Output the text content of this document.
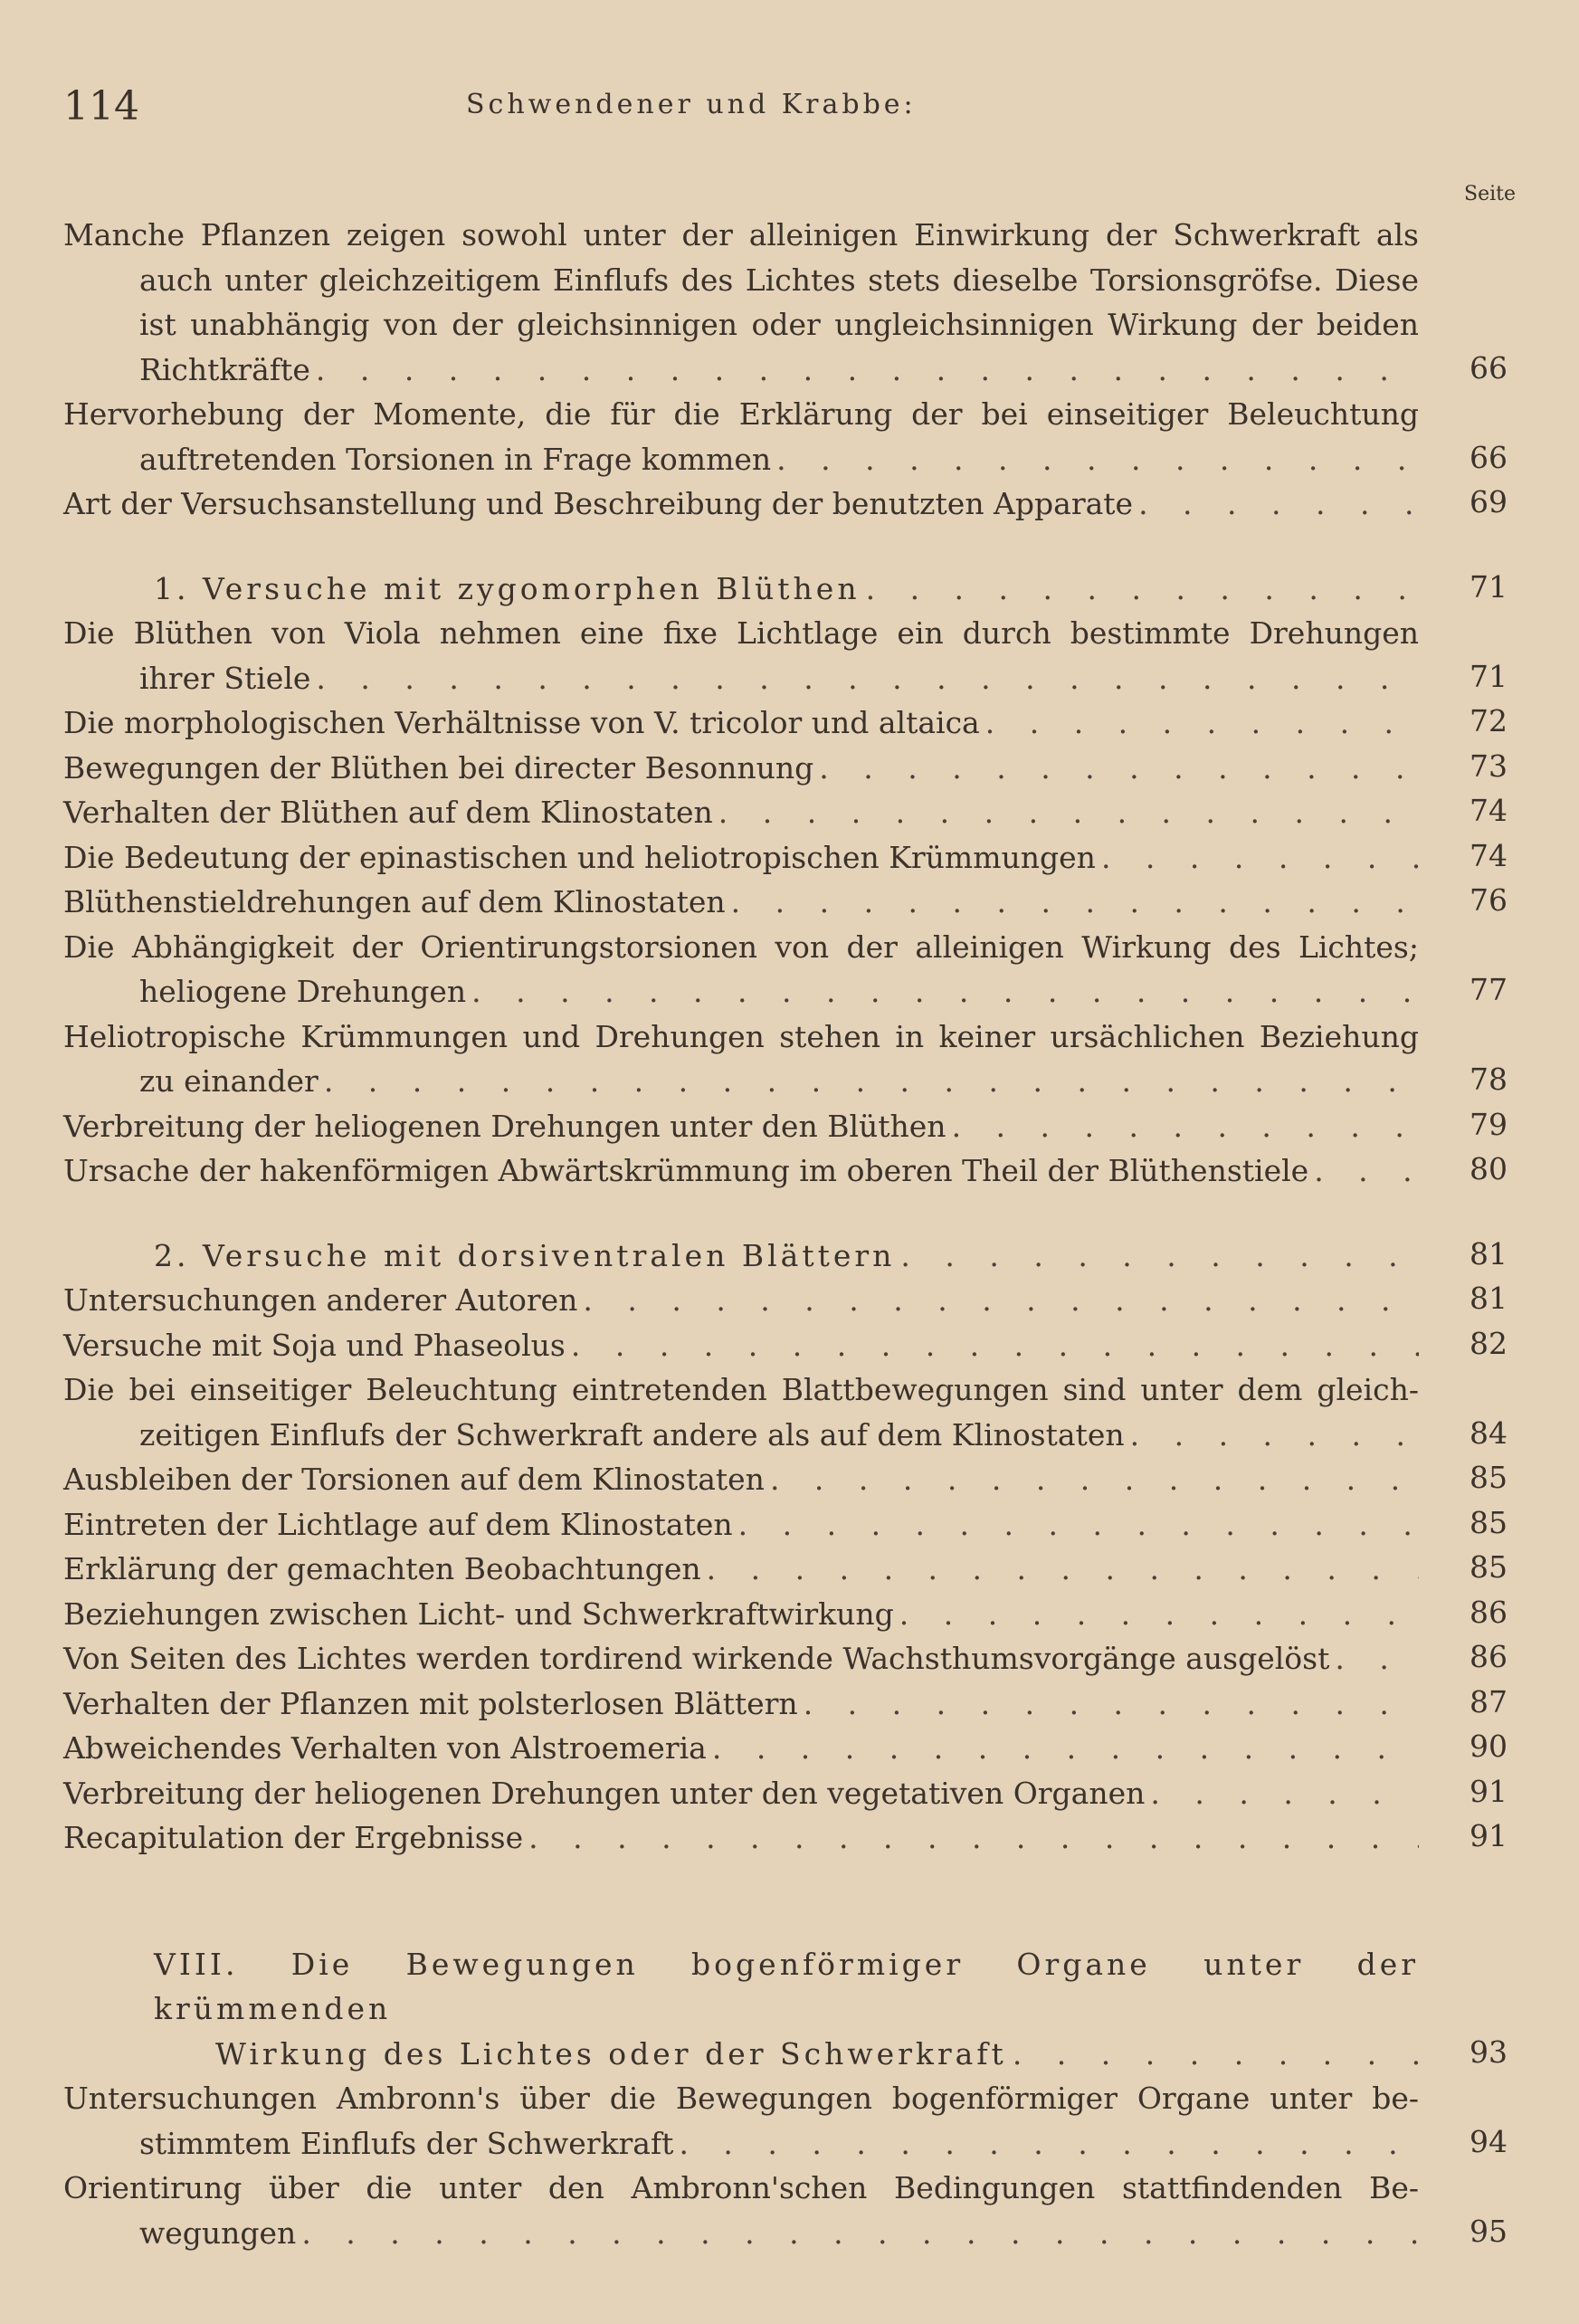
114	Schwendener und Krabbe:
Seite
Manche Pflanzen zeigen sowohl unter der alleinigen Einwirkung der Schwerkraft als
auch unter gleichzeitigem Einflufs des Lichtes stets dieselbe Torsionsgröfse. Diese
ist unabhängig von der gleichsinnigen oder ungleichsinnigen Wirkung der beiden
Richtkräfte . . .	66
Hervorhebung der Momente, die für die Erklärung der bei einseitiger Beleuchtung
auftretenden Torsionen in Frage kommen . . .	66
Art der Versuchsanstellung und Beschreibung der benutzten Apparate . . .	69
1. Versuche mit zygomorphen Blüthen . . .	71
Die Blüthen von Viola nehmen eine fixe Lichtlage ein durch bestimmte Drehungen
ihrer Stiele . . .	71
Die morphologischen Verhältnisse von V. tricolor und altaica . . .	72
Bewegungen der Blüthen bei directer Besonnung . . .	73
Verhalten der Blüthen auf dem Klinostaten . . .	74
Die Bedeutung der epinastischen und heliotropischen Krümmungen . . .	74
Blüthenstieldrehungen auf dem Klinostaten . . .	76
Die Abhängigkeit der Orientirungstorsionen von der alleinigen Wirkung des Lichtes;
heliogene Drehungen . . .	77
Heliotropische Krümmungen und Drehungen stehen in keiner ursächlichen Beziehung
zu einander . . .	78
Verbreitung der heliogenen Drehungen unter den Blüthen . . .	79
Ursache der hakenförmigen Abwärtskrümmung im oberen Theil der Blüthenstiele . . .	80
2. Versuche mit dorsiventralen Blättern . . .	81
Untersuchungen anderer Autoren . . .	81
Versuche mit Soja und Phaseolus . . .	82
Die bei einseitiger Beleuchtung eintretenden Blattbewegungen sind unter dem gleich-
zeitigen Einflufs der Schwerkraft andere als auf dem Klinostaten . . .	84
Ausbleiben der Torsionen auf dem Klinostaten . . .	85
Eintreten der Lichtlage auf dem Klinostaten . . .	85
Erklärung der gemachten Beobachtungen . . .	85
Beziehungen zwischen Licht- und Schwerkraftwirkung . . .	86
Von Seiten des Lichtes werden tordirend wirkende Wachsthumsvorgänge ausgelöst . . .	86
Verhalten der Pflanzen mit polsterlosen Blättern . . .	87
Abweichendes Verhalten von Alstroemeria . . .	90
Verbreitung der heliogenen Drehungen unter den vegetativen Organen . . .	91
Recapitulation der Ergebnisse . . .	91
VIII. Die Bewegungen bogenförmiger Organe unter der krümmenden
Wirkung des Lichtes oder der Schwerkraft . . .	93
Untersuchungen Ambronn's über die Bewegungen bogenförmiger Organe unter be-
stimmtem Einflufs der Schwerkraft . . .	94
Orientirung über die unter den Ambronn'schen Bedingungen stattfindenden Be-
wegungen . . .	95
